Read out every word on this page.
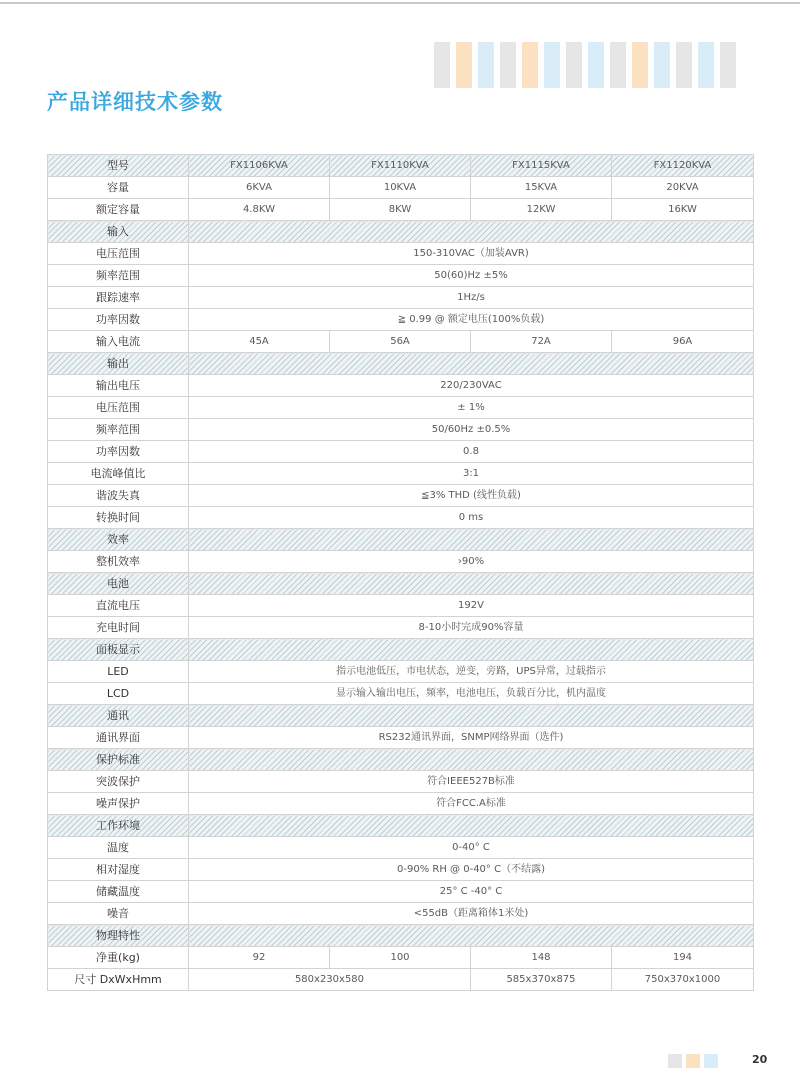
产品详细技术参数
型号	FX1106KVA	FX1110KVA	FX1115KVA	FX1120KVA
容量	6KVA	10KVA	15KVA	20KVA
额定容量	4.8KW	8KW	12KW	16KW
输入				
电压范围	150-310VAC（加装AVR)			
频率范围	50(60)Hz ±5%			
跟踪速率	1Hz/s			
功率因数	≧ 0.99 @ 额定电压(100%负载)			
输入电流	45A	56A	72A	96A
输出				
输出电压	220/230VAC			
电压范围	± 1%			
频率范围	50/60Hz ±0.5%			
功率因数	0.8			
电流峰值比	3:1			
谐波失真	≦3% THD (线性负载)			
转换时间	0 ms			
效率				
整机效率	›90%			
电池				
直流电压	192V			
充电时间	8-10小时完成90%容量			
面板显示				
LED	指示电池低压，市电状态，逆变，旁路，UPS异常，过载指示			
LCD	显示输入输出电压，频率，电池电压，负载百分比，机内温度			
通讯				
通讯界面	RS232通讯界面，SNMP网络界面（选件)			
保护标准				
突波保护	符合IEEE527B标准			
噪声保护	符合FCC.A标准			
工作环境				
温度	0-40° C			
相对湿度	0-90% RH @ 0-40° C（不结露)			
储藏温度	25° C -40° C			
噪音	<55dB（距离箱体1米处)			
物理特性				
净重(kg)	92	100	148	194
尺寸 DxWxHmm	580x230x580		585x370x875	750x370x1000
20
